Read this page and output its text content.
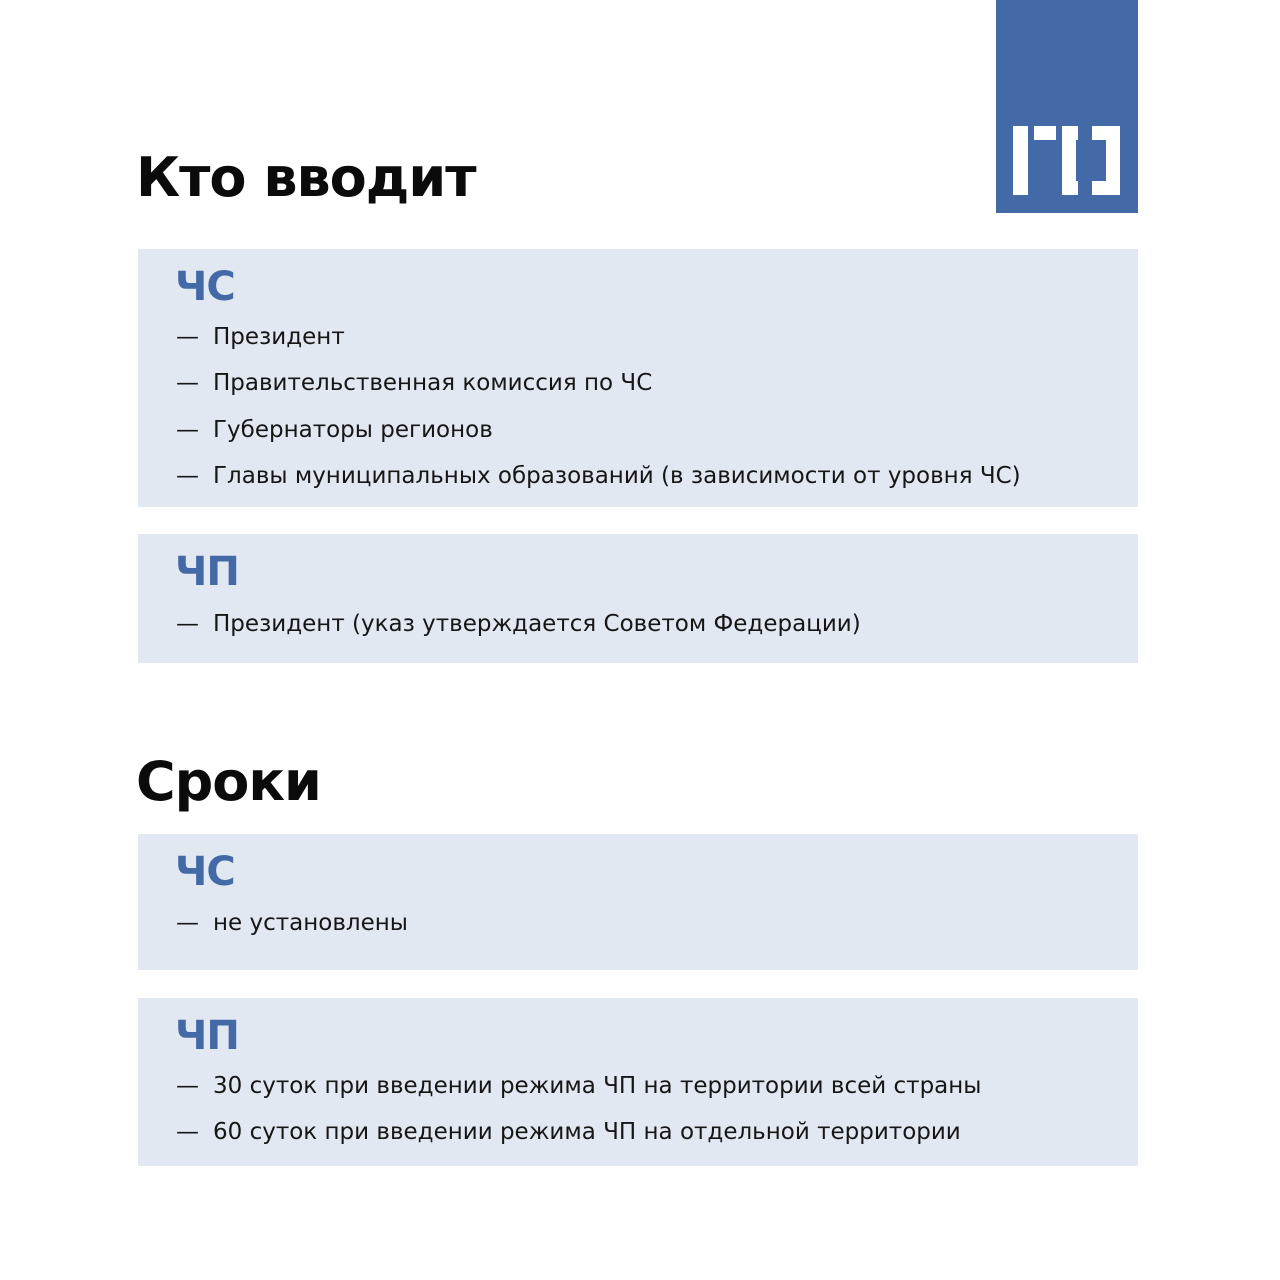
Кто вводит
ЧС
— Президент
— Правительственная комиссия по ЧС
— Губернаторы регионов
— Главы муниципальных образований (в зависимости от уровня ЧС)
ЧП
— Президент (указ утверждается Советом Федерации)
Сроки
ЧС
— не установлены
ЧП
— 30 суток при введении режима ЧП на территории всей страны
— 60 суток при введении режима ЧП на отдельной территории
